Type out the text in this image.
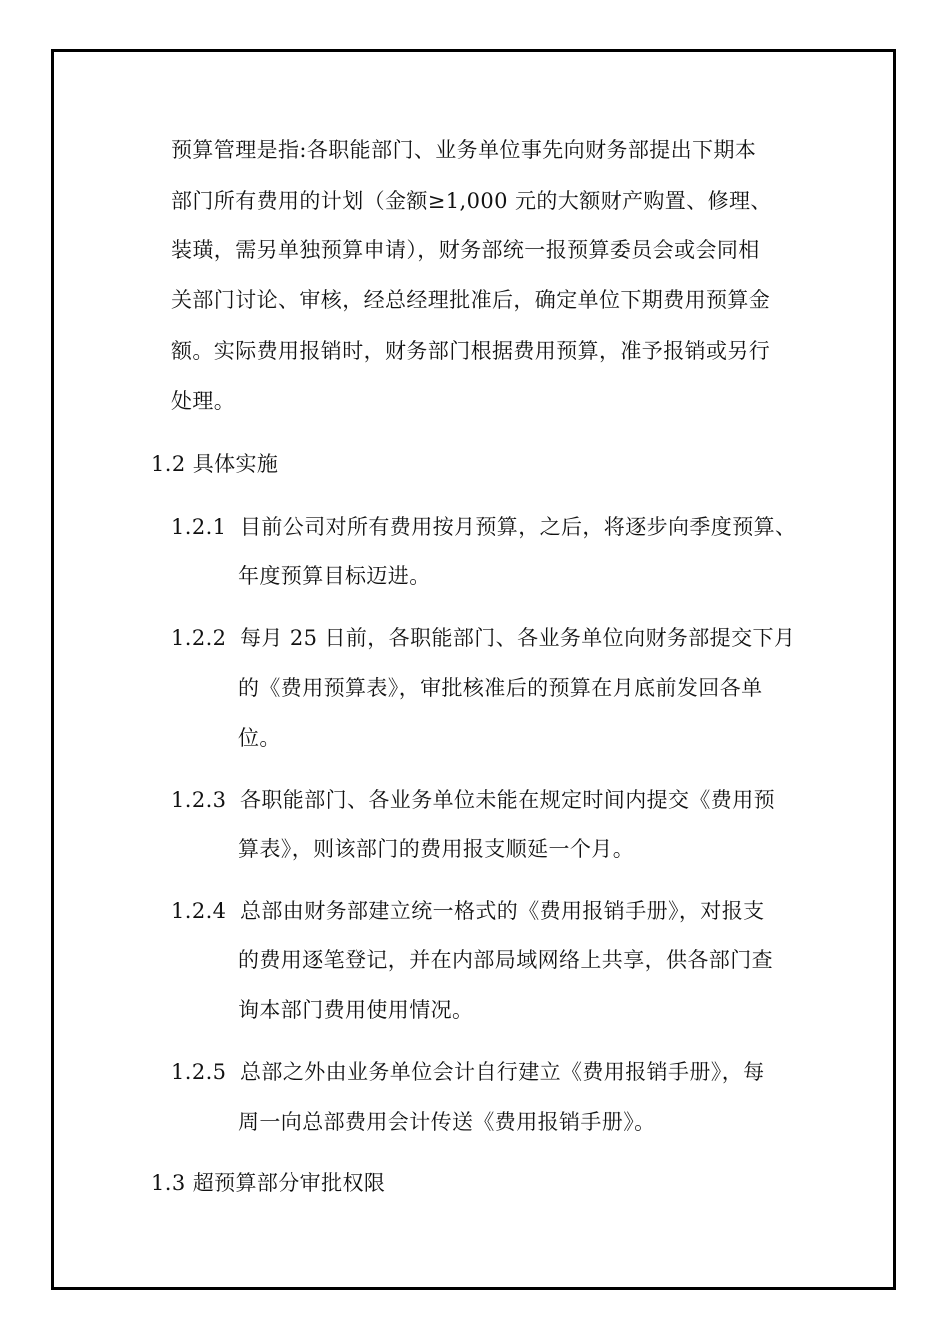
预算管理是指:各职能部门、业务单位事先向财务部提出下期本
部门所有费用的计划（金额≥1,000 元的大额财产购置、修理、
装璜，需另单独预算申请），财务部统一报预算委员会或会同相
关部门讨论、审核，经总经理批准后，确定单位下期费用预算金
额。实际费用报销时，财务部门根据费用预算，准予报销或另行
处理。
1.2 具体实施
1.2.1 目前公司对所有费用按月预算，之后，将逐步向季度预算、
年度预算目标迈进。
1.2.2 每月 25 日前，各职能部门、各业务单位向财务部提交下月
的《费用预算表》，审批核准后的预算在月底前发回各单
位。
1.2.3 各职能部门、各业务单位未能在规定时间内提交《费用预
算表》，则该部门的费用报支顺延一个月。
1.2.4 总部由财务部建立统一格式的《费用报销手册》，对报支
的费用逐笔登记，并在内部局域网络上共享，供各部门查
询本部门费用使用情况。
1.2.5 总部之外由业务单位会计自行建立《费用报销手册》，每
周一向总部费用会计传送《费用报销手册》。
1.3 超预算部分审批权限
